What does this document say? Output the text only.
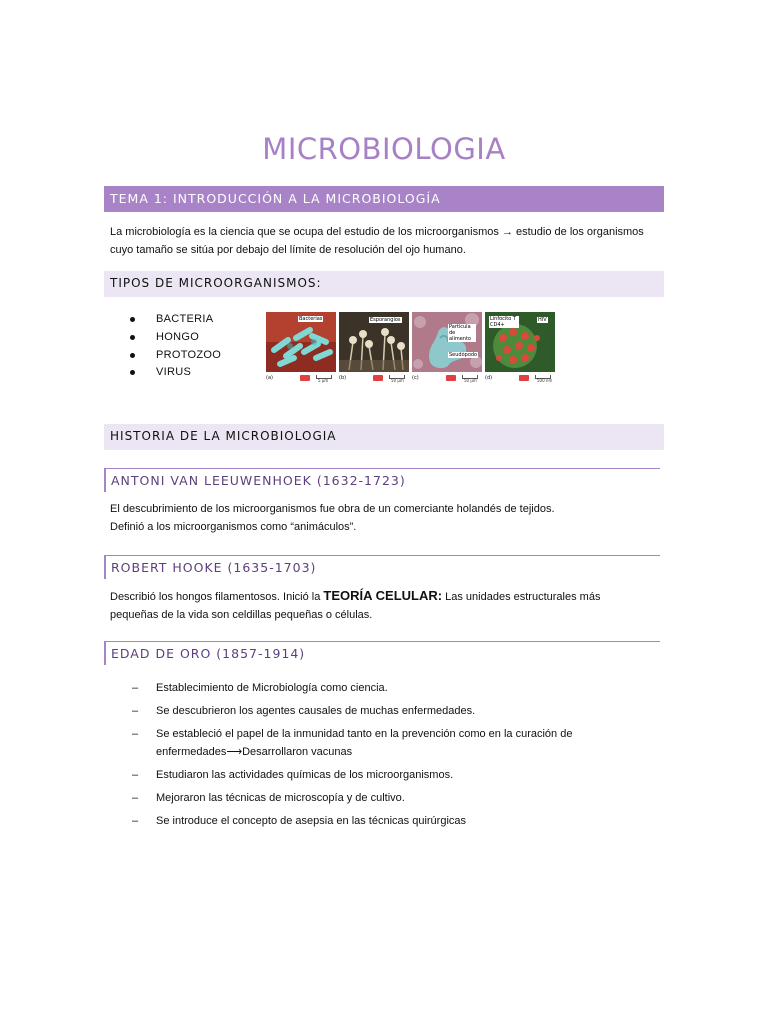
MICROBIOLOGIA
TEMA 1: INTRODUCCIÓN A LA MICROBIOLOGÍA
La microbiología es la ciencia que se ocupa del estudio de los microorganismos → estudio de los organismos cuyo tamaño se sitúa por debajo del límite de resolución del ojo humano.
TIPOS DE MICROORGANISMOS:
BACTERIA
HONGO
PROTOZOO
VIRUS
Bacterias
(a)	5 μm
Esporangios
(b)	50 μm
Partícula de alimento
Seudópodo
(c)	50 μm
Linfocito T CD4+
HIV
(d)	500 nm
HISTORIA DE LA MICROBIOLOGIA
ANTONI VAN LEEUWENHOEK (1632-1723)
El descubrimiento de los microorganismos fue obra de un comerciante holandés de tejidos.
Definió a los microorganismos como “animáculos”.
ROBERT HOOKE (1635-1703)
Describió los hongos filamentosos. Inició la TEORÍA CELULAR: Las unidades estructurales más pequeñas de la vida son celdillas pequeñas o células.
EDAD DE ORO (1857-1914)
– Establecimiento de Microbiología como ciencia.
– Se descubrieron los agentes causales de muchas enfermedades.
– Se estableció el papel de la inmunidad tanto en la prevención como en la curación de enfermedades⟶Desarrollaron vacunas
– Estudiaron las actividades químicas de los microorganismos.
– Mejoraron las técnicas de microscopía y de cultivo.
– Se introduce el concepto de asepsia en las técnicas quirúrgicas
